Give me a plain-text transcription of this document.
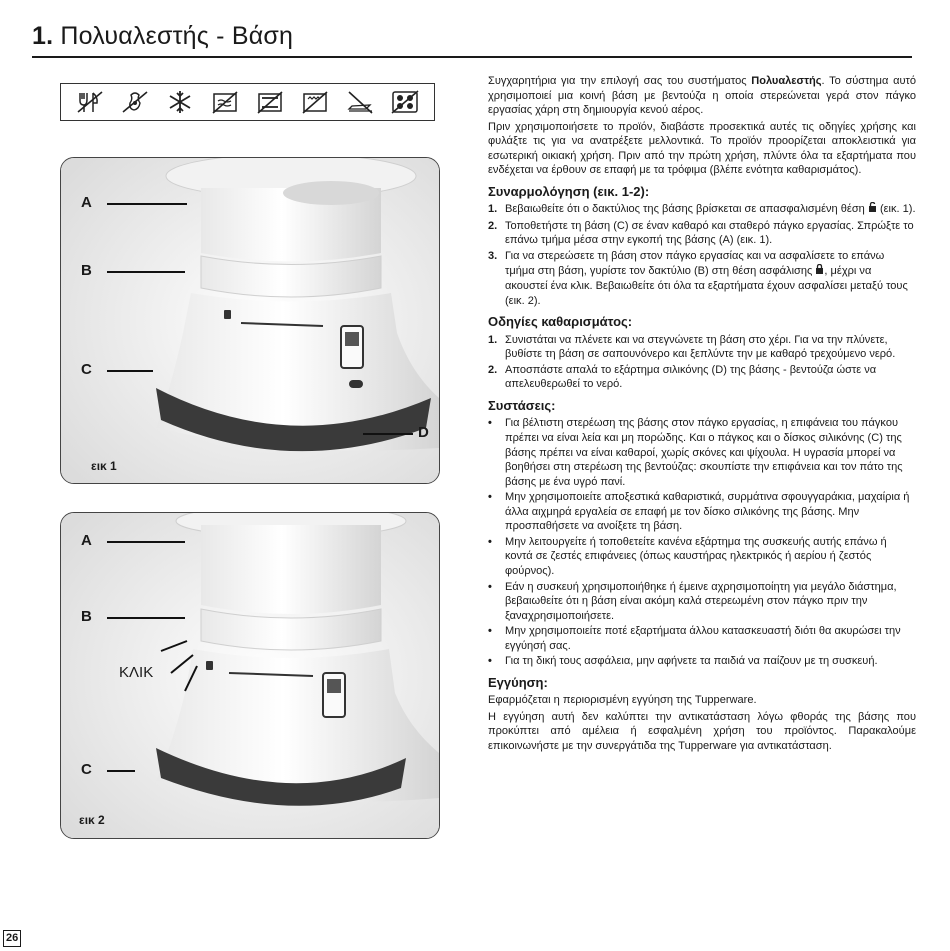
1. Πολυαλεστής - Βάση
A
B
C
D
εικ 1
A
B
ΚΛΙΚ
C
εικ 2

Συγχαρητήρια για την επιλογή σας του συστήματος Πολυαλεστής. Το σύστημα αυτό χρησιμοποιεί μια κοινή βάση με βεντούζα η οποία στερεώνεται γερά στον πάγκο εργασίας χάρη στη δημιουργία κενού αέρος.

Πριν χρησιμοποιήσετε το προϊόν, διαβάστε προσεκτικά αυτές τις οδηγίες χρήσης και φυλάξτε τις για να ανατρέξετε μελλοντικά. Το προϊόν προορίζεται αποκλειστικά για εσωτερική οικιακή χρήση. Πριν από την πρώτη χρήση, πλύντε όλα τα εξαρτήματα που ενδέχεται να έρθουν σε επαφή με τα τρόφιμα (βλέπε ενότητα καθαρισμάτος).

Συναρμολόγηση (εικ. 1-2):
1. Βεβαιωθείτε ότι ο δακτύλιος της βάσης βρίσκεται σε απασφαλισμένη θέση  (εικ. 1).
2. Τοποθετήστε τη βάση (C) σε έναν καθαρό και σταθερό πάγκο εργασίας. Σπρώξτε το επάνω τμήμα μέσα στην εγκοπή της βάσης (A) (εικ. 1).
3. Για να στερεώσετε τη βάση στον πάγκο εργασίας και να ασφαλίσετε το επάνω τμήμα στη βάση, γυρίστε τον δακτύλιο (B) στη θέση ασφάλισης , μέχρι να ακουστεί ένα κλικ. Βεβαιωθείτε ότι όλα τα εξαρτήματα έχουν ασφαλίσει μεταξύ τους (εικ. 2).
Οδηγίες καθαρισμάτος:
1. Συνιστάται να πλένετε και να στεγνώνετε τη βάση στο χέρι. Για να την πλύνετε, βυθίστε τη βάση σε σαπουνόνερο και ξεπλύντε την με καθαρό τρεχούμενο νερό.
2. Αποσπάστε απαλά το εξάρτημα σιλικόνης (D) της βάσης - βεντούζα ώστε να απελευθερωθεί το νερό.
Συστάσεις:
• Για βέλτιστη στερέωση της βάσης στον πάγκο εργασίας, η επιφάνεια του πάγκου πρέπει να είναι λεία και μη πορώδης. Και ο πάγκος και ο δίσκος σιλικόνης (C) της βάσης πρέπει να είναι καθαροί, χωρίς σκόνες και ψίχουλα. Η υγρασία μπορεί να βοηθήσει στη στερέωση της βεντούζας: σκουπίστε την επιφάνεια και τον πάτο της βάσης με ένα υγρό πανί.
• Μην χρησιμοποιείτε αποξεστικά καθαριστικά, συρμάτινα σφουγγαράκια, μαχαίρια ή άλλα αιχμηρά εργαλεία σε επαφή με τον δίσκο σιλικόνης της βάσης. Μην προσπαθήσετε να ανοίξετε τη βάση.
• Μην λειτουργείτε ή τοποθετείτε κανένα εξάρτημα της συσκευής αυτής επάνω ή κοντά σε ζεστές επιφάνειες (όπως καυστήρας ηλεκτρικός ή αερίου ή ζεστός φούρνος).
• Εάν η συσκευή χρησιμοποιήθηκε ή έμεινε αχρησιμοποίητη για μεγάλο διάστημα, βεβαιωθείτε ότι η βάση είναι ακόμη καλά στερεωμένη στον πάγκο πριν την ξαναχρησιμοποιήσετε.
• Μην χρησιμοποιείτε ποτέ εξαρτήματα άλλου κατασκευαστή διότι θα ακυρώσει την εγγύησή σας.
• Για τη δική τους ασφάλεια, μην αφήνετε τα παιδιά να παίζουν με τη συσκευή.
Εγγύηση:

Εφαρμόζεται η περιορισμένη εγγύηση της Tupperware.

Η εγγύηση αυτή δεν καλύπτει την αντικατάσταση λόγω φθοράς της βάσης που προκύπτει από αμέλεια ή εσφαλμένη χρήση του προϊόντος. Παρακαλούμε επικοινωνήστε με την συνεργάτιδα της Tupperware για αντικατάσταση.

26
